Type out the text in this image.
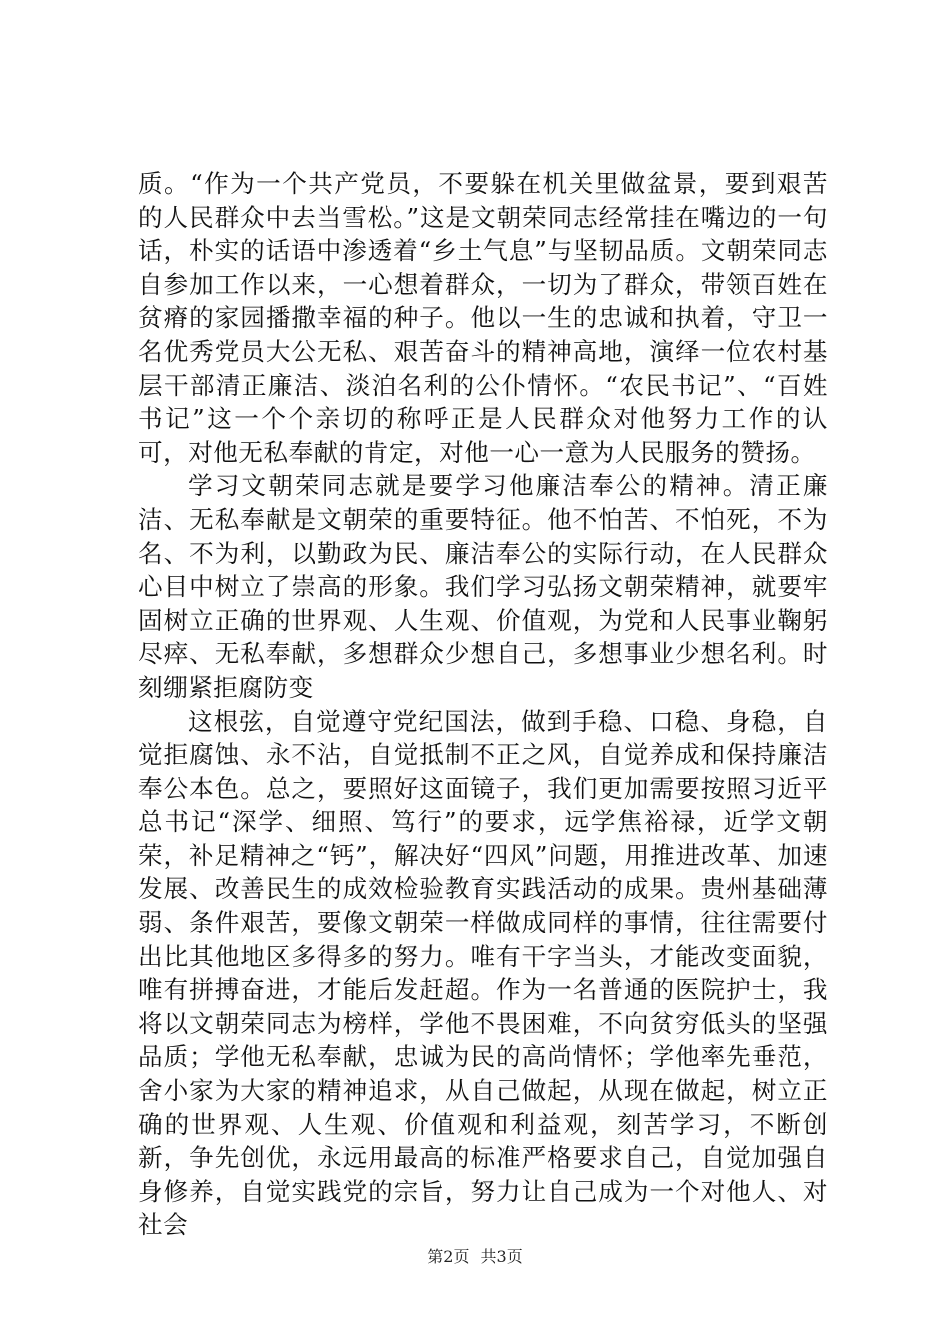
质。“作为一个共产党员，不要躲在机关里做盆景，要到艰苦的人民群众中去当雪松。”这是文朝荣同志经常挂在嘴边的一句话，朴实的话语中渗透着“乡土气息”与坚韧品质。文朝荣同志自参加工作以来，一心想着群众，一切为了群众，带领百姓在贫瘠的家园播撒幸福的种子。他以一生的忠诚和执着，守卫一名优秀党员大公无私、艰苦奋斗的精神高地，演绎一位农村基层干部清正廉洁、淡泊名利的公仆情怀。“农民书记”、“百姓书记”这一个个亲切的称呼正是人民群众对他努力工作的认可，对他无私奉献的肯定，对他一心一意为人民服务的赞扬。

学习文朝荣同志就是要学习他廉洁奉公的精神。清正廉洁、无私奉献是文朝荣的重要特征。他不怕苦、不怕死，不为名、不为利，以勤政为民、廉洁奉公的实际行动，在人民群众心目中树立了崇高的形象。我们学习弘扬文朝荣精神，就要牢固树立正确的世界观、人生观、价值观，为党和人民事业鞠躬尽瘁、无私奉献，多想群众少想自己，多想事业少想名利。时刻绷紧拒腐防变

这根弦，自觉遵守党纪国法，做到手稳、口稳、身稳，自觉拒腐蚀、永不沾，自觉抵制不正之风，自觉养成和保持廉洁奉公本色。总之，要照好这面镜子，我们更加需要按照习近平总书记“深学、细照、笃行”的要求，远学焦裕禄，近学文朝荣，补足精神之“钙”，解决好“四风”问题，用推进改革、加速发展、改善民生的成效检验教育实践活动的成果。贵州基础薄弱、条件艰苦，要像文朝荣一样做成同样的事情，往往需要付出比其他地区多得多的努力。唯有干字当头，才能改变面貌，唯有拼搏奋进，才能后发赶超。作为一名普通的医院护士，我将以文朝荣同志为榜样，学他不畏困难，不向贫穷低头的坚强品质；学他无私奉献，忠诚为民的高尚情怀；学他率先垂范，舍小家为大家的精神追求，从自己做起，从现在做起，树立正确的世界观、人生观、价值观和利益观，刻苦学习，不断创新，争先创优，永远用最高的标准严格要求自己，自觉加强自身修养，自觉实践党的宗旨，努力让自己成为一个对他人、对社会

第2页 共3页
